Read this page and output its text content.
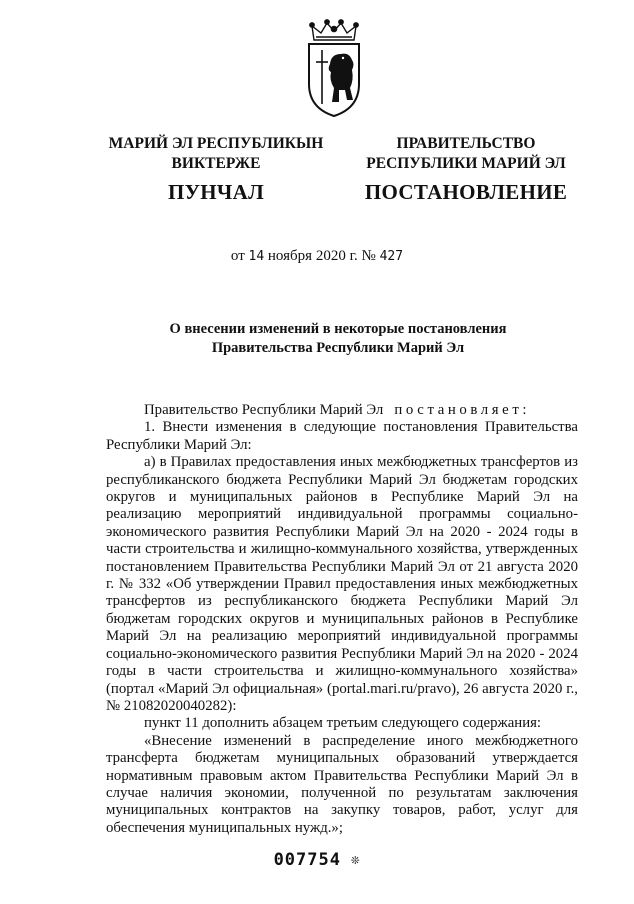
МАРИЙ ЭЛ РЕСПУБЛИКЫН
ВИКТЕРЖЕ
ПУНЧАЛ
ПРАВИТЕЛЬСТВО
РЕСПУБЛИКИ МАРИЙ ЭЛ
ПОСТАНОВЛЕНИЕ
от 14 ноября 2020 г. № 427
О внесении изменений в некоторые постановления
Правительства Республики Марий Эл

Правительство Республики Марий Эл постановляет:

1. Внести изменения в следующие постановления Правительства Республики Марий Эл:

а) в Правилах предоставления иных межбюджетных трансфертов из республиканского бюджета Республики Марий Эл бюджетам городских округов и муниципальных районов в Республике Марий Эл на реализацию мероприятий индивидуальной программы социально-экономического развития Республики Марий Эл на 2020 - 2024 годы в части строительства и жилищно-коммунального хозяйства, утвержденных постановлением Правительства Республики Марий Эл от 21 августа 2020 г. № 332 «Об утверждении Правил предоставления иных межбюджетных трансфертов из республиканского бюджета Республики Марий Эл бюджетам городских округов и муниципальных районов в Республике Марий Эл на реализацию мероприятий индивидуальной программы социально-экономического развития Республики Марий Эл на 2020 - 2024 годы в части строительства и жилищно-коммунального хозяйства» (портал «Марий Эл официальная» (portal.mari.ru/pravo), 26 августа 2020 г., № 21082020040282):

пункт 11 дополнить абзацем третьим следующего содержания:

«Внесение изменений в распределение иного межбюджетного трансферта бюджетам муниципальных образований утверждается нормативным правовым актом Правительства Республики Марий Эл в случае наличия экономии, полученной по результатам заключения муниципальных контрактов на закупку товаров, работ, услуг для обеспечения муниципальных нужд.»;

007754 ❊
